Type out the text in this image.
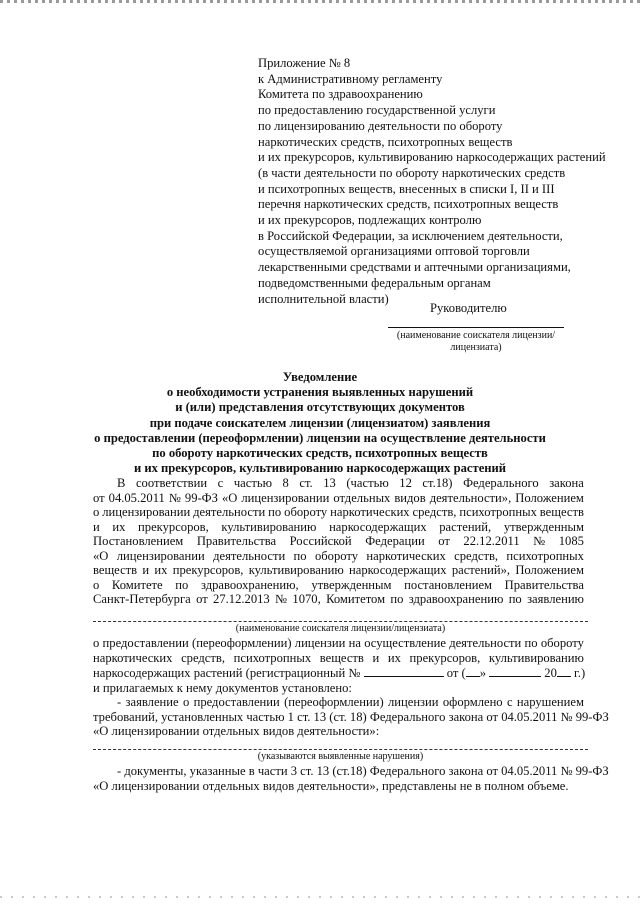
Приложение № 8
к Административному регламенту
Комитета по здравоохранению
по предоставлению государственной услуги
по лицензированию деятельности по обороту
наркотических средств, психотропных веществ
и их прекурсоров, культивированию наркосодержащих растений
(в части деятельности по обороту наркотических средств
и психотропных веществ, внесенных в списки I, II и III
перечня наркотических средств, психотропных веществ
и их прекурсоров, подлежащих контролю
в Российской Федерации, за исключением деятельности,
осуществляемой организациями оптовой торговли
лекарственными средствами и аптечными организациями,
подведомственными федеральным органам
исполнительной власти)
Руководителю
(наименование соискателя лицензии/
лицензиата)
Уведомление
о необходимости устранения выявленных нарушений
и (или) представления отсутствующих документов
при подаче соискателем лицензии (лицензиатом) заявления
о предоставлении (переоформлении) лицензии на осуществление деятельности
по обороту наркотических средств, психотропных веществ
и их прекурсоров, культивированию наркосодержащих растений
В соответствии с частью 8 ст. 13 (частью 12 ст.18) Федерального закона
от 04.05.2011 № 99-ФЗ «О лицензировании отдельных видов деятельности», Положением
о лицензировании деятельности по обороту наркотических средств, психотропных веществ
и их прекурсоров, культивированию наркосодержащих растений, утвержденным
Постановлением Правительства Российской Федерации от 22.12.2011 № 1085
«О лицензировании деятельности по обороту наркотических средств, психотропных
веществ и их прекурсоров, культивированию наркосодержащих растений», Положением
о Комитете по здравоохранению, утвержденным постановлением Правительства
Санкт-Петербурга от 27.12.2013 № 1070, Комитетом по здравоохранению по заявлению
(наименование соискателя лицензии/лицензиата)
о предоставлении (переоформлении) лицензии на осуществление деятельности по обороту
наркотических средств, психотропных веществ и их прекурсоров, культивированию
наркосодержащих растений (регистрационный №	от ( »	20 г.)
и прилагаемых к нему документов установлено:
- заявление о предоставлении (переоформлении) лицензии оформлено с нарушением
требований, установленных частью 1 ст. 13 (ст. 18) Федерального закона от 04.05.2011 № 99-ФЗ
«О лицензировании отдельных видов деятельности»:
(указываются выявленные нарушения)
- документы, указанные в части 3 ст. 13 (ст.18) Федерального закона от 04.05.2011 № 99-ФЗ
«О лицензировании отдельных видов деятельности», представлены не в полном объеме.
